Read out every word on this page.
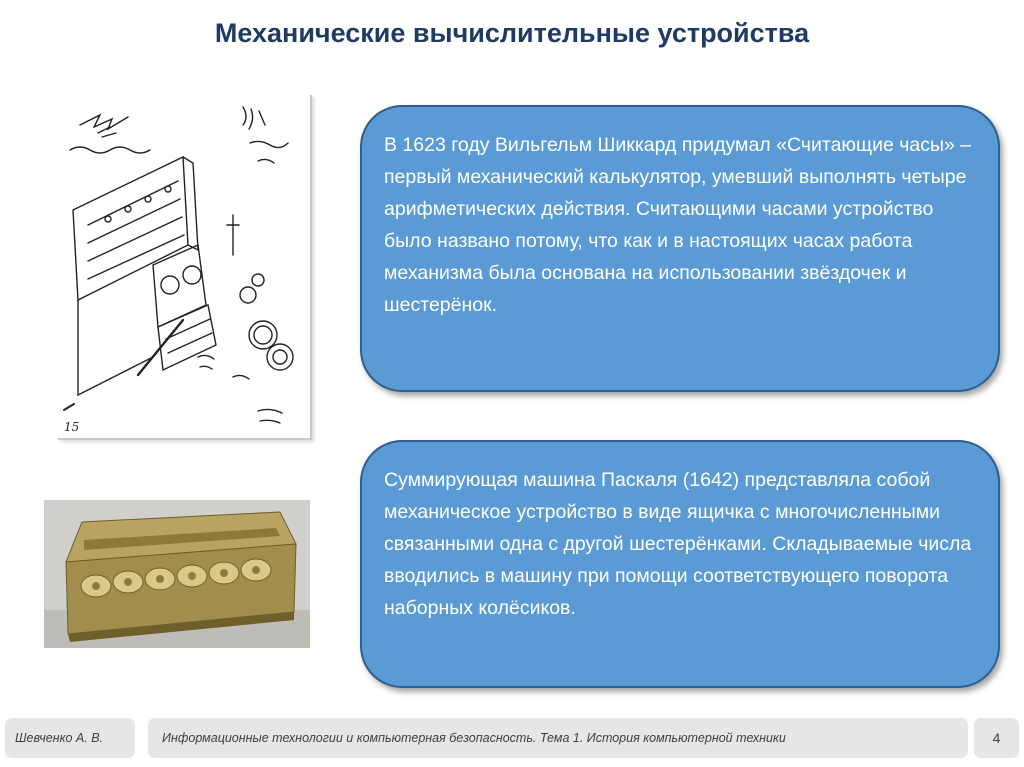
Механические вычислительные устройства
15
В 1623 году Вильгельм Шиккард придумал «Считающие часы» – первый механический калькулятор, умевший выполнять четыре арифметических действия. Считающими часами устройство было названо потому, что как и в настоящих часах работа механизма была основана на использовании звёздочек и шестерёнок.
Суммирующая машина Паскаля (1642) представляла собой механическое устройство в виде ящичка с многочисленными связанными одна с другой шестерёнками. Складываемые числа вводились в машину при помощи соответствующего поворота наборных колёсиков.
Шевченко А. В.	Информационные технологии и компьютерная безопасность. Тема 1. История компьютерной техники	4
